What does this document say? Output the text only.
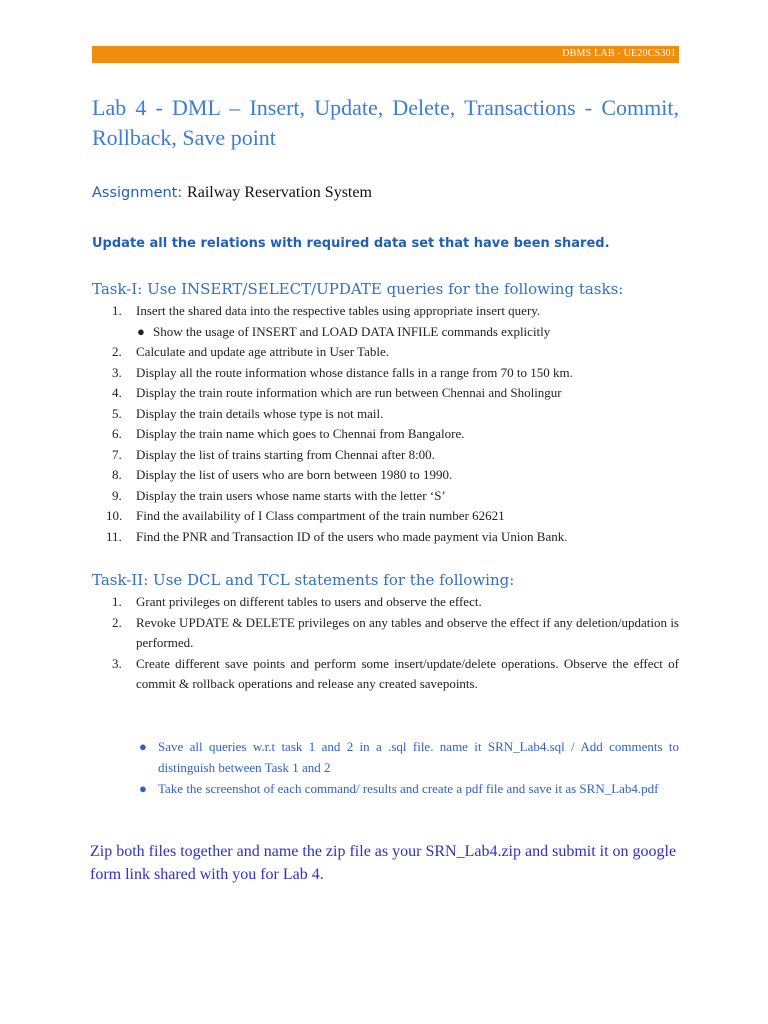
DBMS LAB - UE20CS301
Lab 4 - DML – Insert, Update, Delete, Transactions - Commit, Rollback, Save point
Assignment: Railway Reservation System
Update all the relations with required data set that have been shared.
Task-I: Use INSERT/SELECT/UPDATE queries for the following tasks:
1. Insert the shared data into the respective tables using appropriate insert query.
● Show the usage of INSERT and LOAD DATA INFILE commands explicitly
2. Calculate and update age attribute in User Table.
3. Display all the route information whose distance falls in a range from 70 to 150 km.
4. Display the train route information which are run between Chennai and Sholingur
5. Display the train details whose type is not mail.
6. Display the train name which goes to Chennai from Bangalore.
7. Display the list of trains starting from Chennai after 8:00.
8. Display the list of users who are born between 1980 to 1990.
9. Display the train users whose name starts with the letter ‘S’
10. Find the availability of I Class compartment of the train number 62621
11. Find the PNR and Transaction ID of the users who made payment via Union Bank.
Task-II: Use DCL and TCL statements for the following:
1. Grant privileges on different tables to users and observe the effect.
2. Revoke UPDATE & DELETE privileges on any tables and observe the effect if any deletion/updation is performed.
3. Create different save points and perform some insert/update/delete operations. Observe the effect of commit & rollback operations and release any created savepoints.
● Save all queries w.r.t task 1 and 2 in a .sql file. name it SRN_Lab4.sql / Add comments to distinguish between Task 1 and 2
● Take the screenshot of each command/ results and create a pdf file and save it as SRN_Lab4.pdf
Zip both files together and name the zip file as your SRN_Lab4.zip and submit it on google form link shared with you for Lab 4.
